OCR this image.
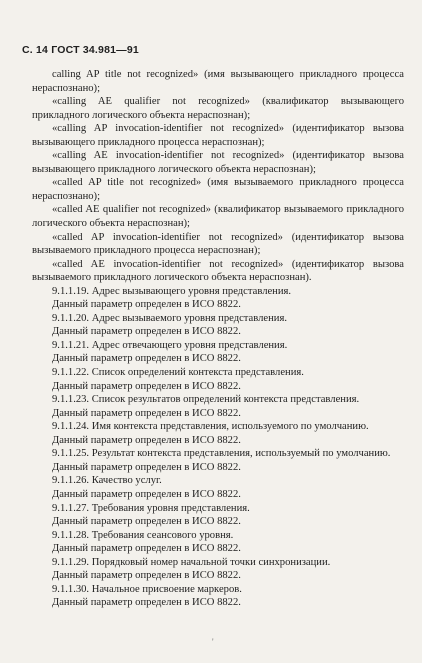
С. 14 ГОСТ 34.981—91

calling AP title not recognized» (имя вызывающего прикладного процесса нераспознано);

«calling AE qualifier not recognized» (квалификатор вызывающего прикладного логического объекта нераспознан);

«calling AP invocation-identifier not recognized» (идентификатор вызова вызывающего прикладного процесса нераспознан);

«calling AE invocation-identifier not recognized» (идентификатор вызова вызывающего прикладного логического объекта нераспознан);

«called AP title not recognized» (имя вызываемого прикладного процесса нераспознано);

«called AE qualifier not recognized» (квалификатор вызываемого прикладного логического объекта нераспознан);

«called AP invocation-identifier not recognized» (идентификатор вызова вызываемого прикладного процесса нераспознан);

«called AE invocation-identifier not recognized» (идентификатор вызова вызываемого прикладного логического объекта нераспознан).

9.1.1.19. Адрес вызывающего уровня представления.

Данный параметр определен в ИСО 8822.

9.1.1.20. Адрес вызываемого уровня представления.

Данный параметр определен в ИСО 8822.

9.1.1.21. Адрес отвечающего уровня представления.

Данный параметр определен в ИСО 8822.

9.1.1.22. Список определений контекста представления.

Данный параметр определен в ИСО 8822.

9.1.1.23. Список результатов определений контекста представления.

Данный параметр определен в ИСО 8822.

9.1.1.24. Имя контекста представления, используемого по умолчанию.

Данный параметр определен в ИСО 8822.

9.1.1.25. Результат контекста представления, используемый по умолчанию.

Данный параметр определен в ИСО 8822.

9.1.1.26. Качество услуг.

Данный параметр определен в ИСО 8822.

9.1.1.27. Требования уровня представления.

Данный параметр определен в ИСО 8822.

9.1.1.28. Требования сеансового уровня.

Данный параметр определен в ИСО 8822.

9.1.1.29. Порядковый номер начальной точки синхронизации.

Данный параметр определен в ИСО 8822.

9.1.1.30. Начальное присвоение маркеров.

Данный параметр определен в ИСО 8822.

'
